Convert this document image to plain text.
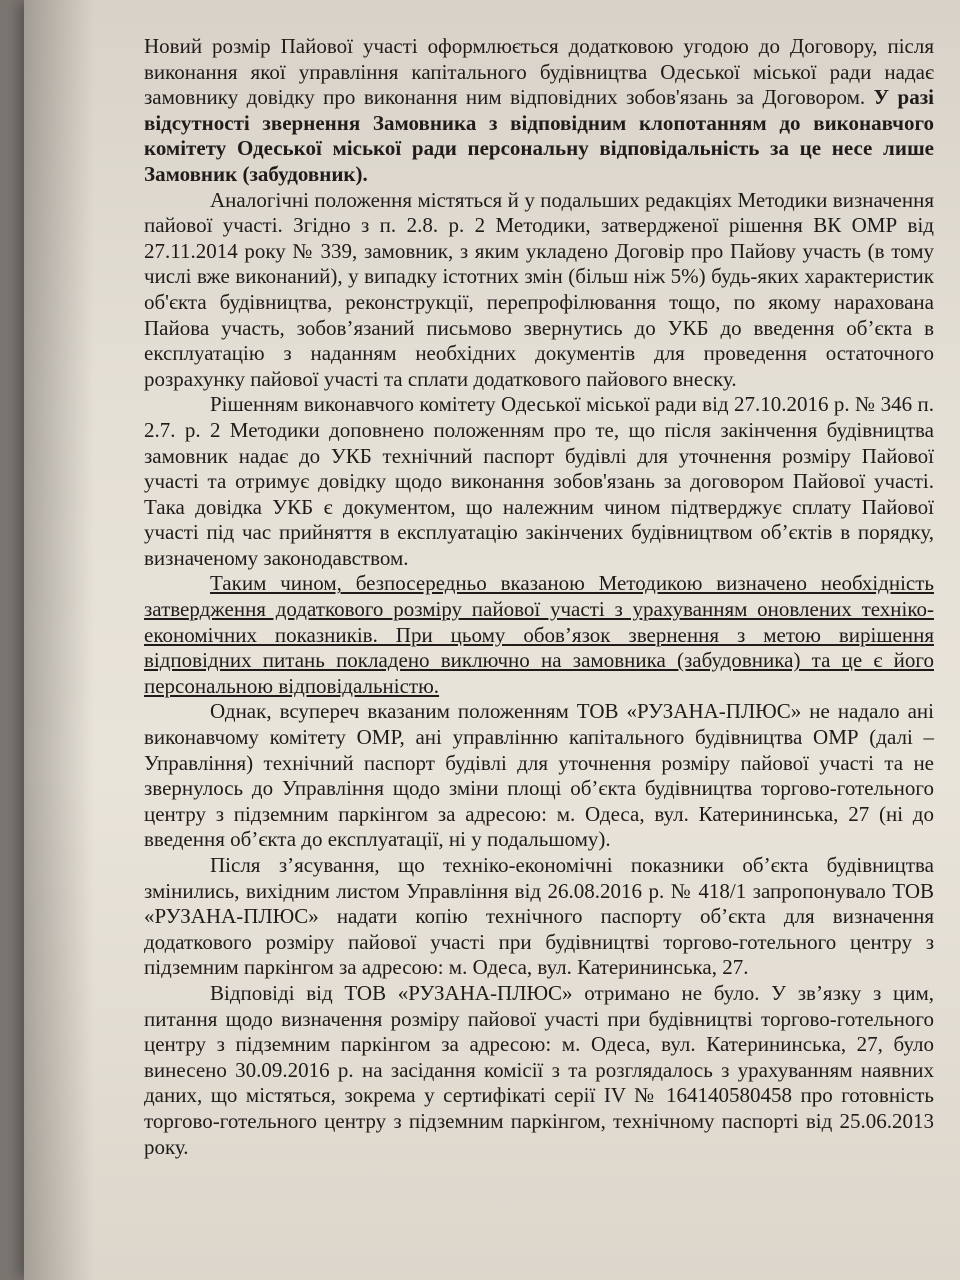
Новий розмір Пайової участі оформлюється додатковою угодою до Договору, після виконання якої управління капітального будівництва Одеської міської ради надає замовнику довідку про виконання ним відповідних зобов'язань за Договором. У разі відсутності звернення Замовника з відповідним клопотанням до виконавчого комітету Одеської міської ради персональну відповідальність за це несе лише Замовник (забудовник).

Аналогічні положення містяться й у подальших редакціях Методики визначення пайової участі. Згідно з п. 2.8. р. 2 Методики, затвердженої рішення ВК ОМР від 27.11.2014 року № 339, замовник, з яким укладено Договір про Пайову участь (в тому числі вже виконаний), у випадку істотних змін (більш ніж 5%) будь-яких характеристик об'єкта будівництва, реконструкції, перепрофілювання тощо, по якому нарахована Пайова участь, зобов’язаний письмово звернутись до УКБ до введення об’єкта в експлуатацію з наданням необхідних документів для проведення остаточного розрахунку пайової участі та сплати додаткового пайового внеску.

Рішенням виконавчого комітету Одеської міської ради від 27.10.2016 р. № 346 п. 2.7. р. 2 Методики доповнено положенням про те, що після закінчення будівництва замовник надає до УКБ технічний паспорт будівлі для уточнення розміру Пайової участі та отримує довідку щодо виконання зобов'язань за договором Пайової участі. Така довідка УКБ є документом, що належним чином підтверджує сплату Пайової участі під час прийняття в експлуатацію закінчених будівництвом об’єктів в порядку, визначеному законодавством.

Таким чином, безпосередньо вказаною Методикою визначено необхідність затвердження додаткового розміру пайової участі з урахуванням оновлених техніко-економічних показників. При цьому обов’язок звернення з метою вирішення відповідних питань покладено виключно на замовника (забудовника) та це є його персональною відповідальністю.

Однак, всупереч вказаним положенням ТОВ «РУЗАНА-ПЛЮС» не надало ані виконавчому комітету ОМР, ані управлінню капітального будівництва ОМР (далі – Управління) технічний паспорт будівлі для уточнення розміру пайової участі та не звернулось до Управління щодо зміни площі об’єкта будівництва торгово-готельного центру з підземним паркінгом за адресою: м. Одеса, вул. Катерининська, 27 (ні до введення об’єкта до експлуатації, ні у подальшому).

Після з’ясування, що техніко-економічні показники об’єкта будівництва змінились, вихідним листом Управління від 26.08.2016 р. № 418/1 запропонувало ТОВ «РУЗАНА-ПЛЮС» надати копію технічного паспорту об’єкта для визначення додаткового розміру пайової участі при будівництві торгово-готельного центру з підземним паркінгом за адресою: м. Одеса, вул. Катерининська, 27.

Відповіді від ТОВ «РУЗАНА-ПЛЮС» отримано не було. У зв’язку з цим, питання щодо визначення розміру пайової участі при будівництві торгово-готельного центру з підземним паркінгом за адресою: м. Одеса, вул. Катерининська, 27, було винесено 30.09.2016 р. на засідання комісії з та розглядалось з урахуванням наявних даних, що містяться, зокрема у сертифікаті серії IV № 164140580458 про готовність торгово-готельного центру з підземним паркінгом, технічному паспорті від 25.06.2013 року.
